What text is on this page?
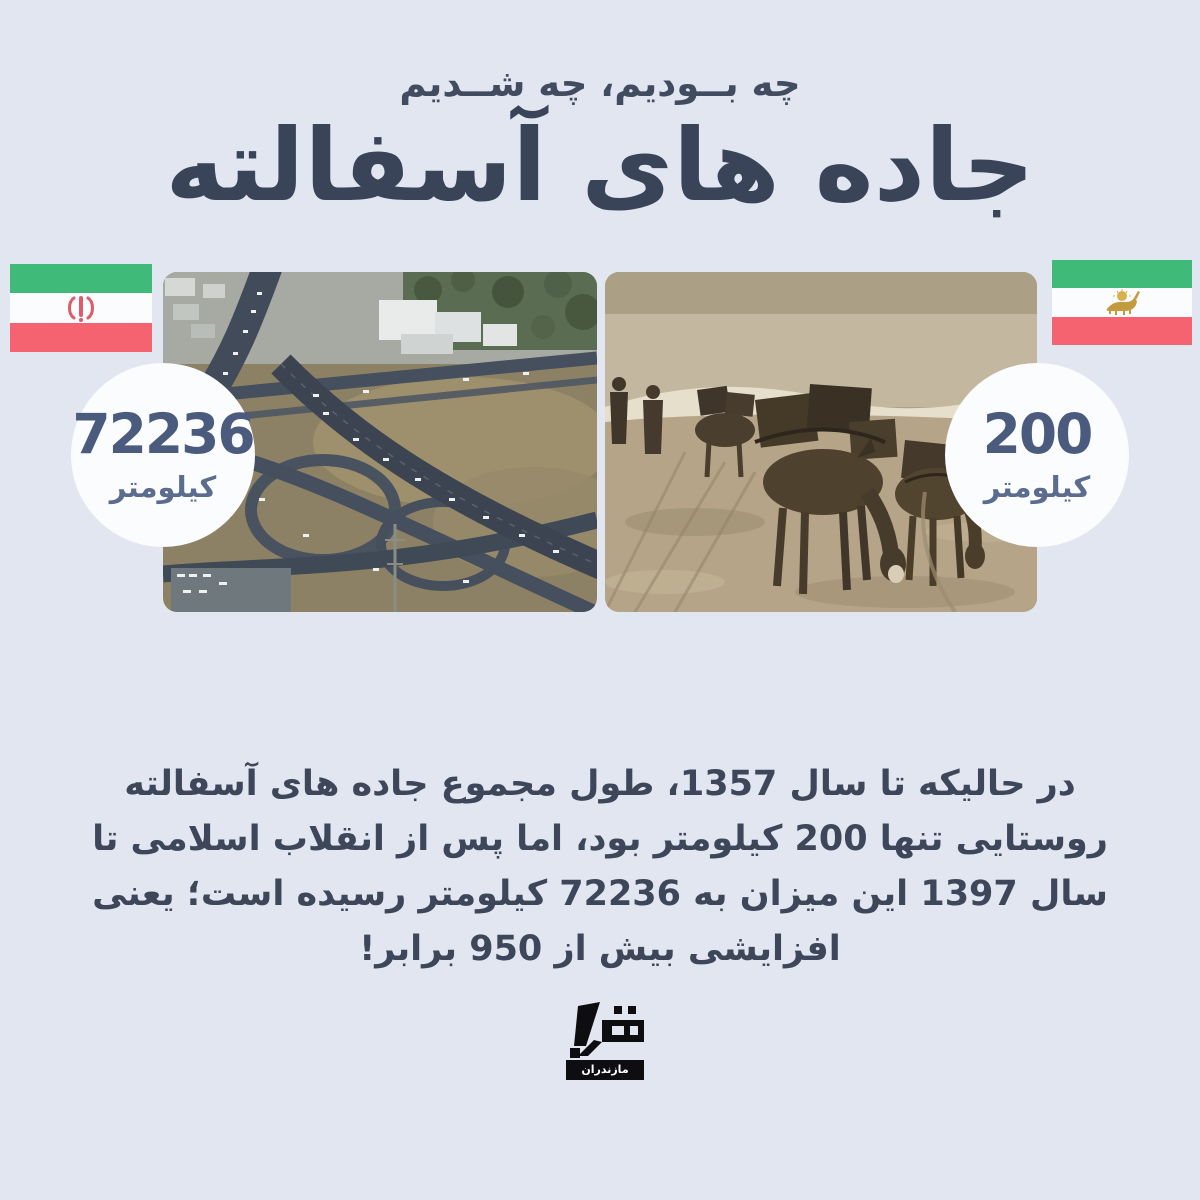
چه بــودیم، چه شــدیم
جاده های آسفالته
72236
کیلومتر
200
کیلومتر
در حالیکه تا سال 1357، طول مجموع جاده های آسفالته
روستایی تنها 200 کیلومتر بود، اما پس از انقلاب اسلامی تا
سال 1397 این میزان به 72236 کیلومتر رسیده است؛ یعنی
افزایشی بیش از 950 برابر!
مازندران
